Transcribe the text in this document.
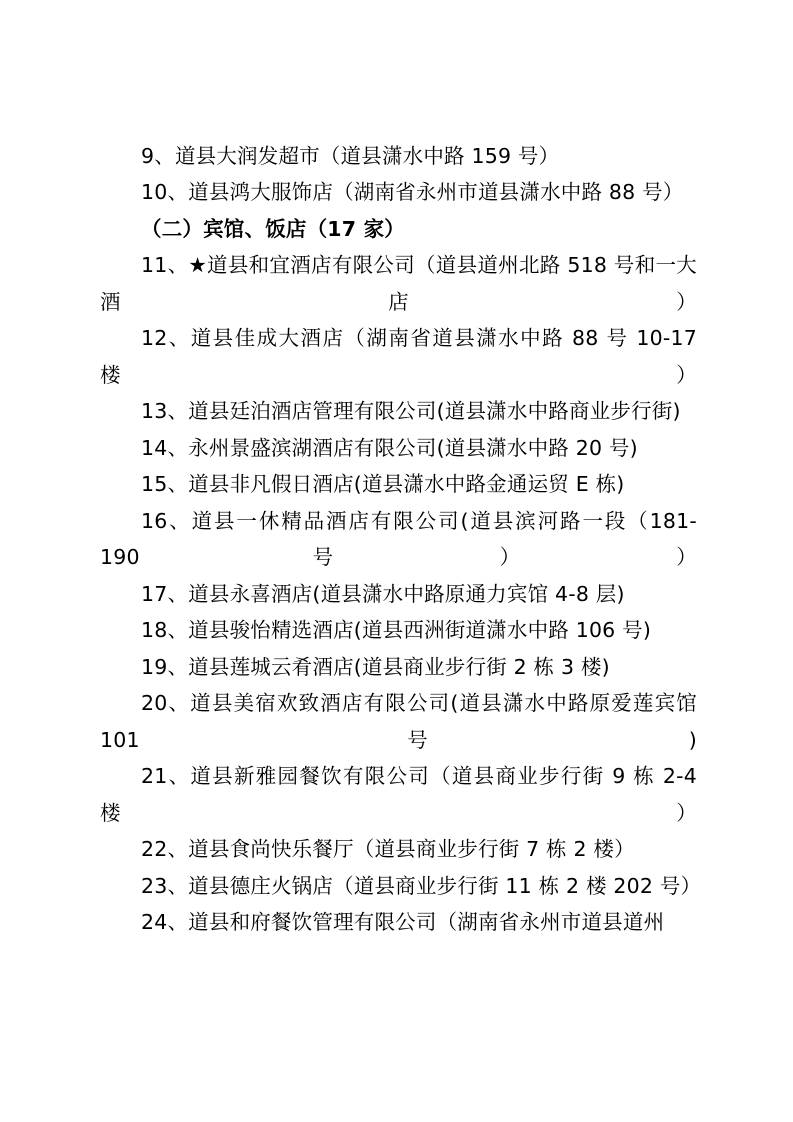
9、道县大润发超市（道县潇水中路 159 号）

10、道县鸿大服饰店（湖南省永州市道县潇水中路 88 号）

（二）宾馆、饭店（17 家）

11、★道县和宜酒店有限公司（道县道州北路 518 号和一大酒店）

12、道县佳成大酒店（湖南省道县潇水中路 88 号 10-17 楼）

13、道县廷泊酒店管理有限公司(道县潇水中路商业步行街)

14、永州景盛滨湖酒店有限公司(道县潇水中路 20 号)

15、道县非凡假日酒店(道县潇水中路金通运贸 E 栋)

16、道县一休精品酒店有限公司(道县滨河路一段（181-190 号））

17、道县永喜酒店(道县潇水中路原通力宾馆 4-8 层)

18、道县骏怡精选酒店(道县西洲街道潇水中路 106 号)

19、道县莲城云肴酒店(道县商业步行街 2 栋 3 楼)

20、道县美宿欢致酒店有限公司(道县潇水中路原爱莲宾馆 101 号)

21、道县新雅园餐饮有限公司（道县商业步行街 9 栋 2-4 楼）

22、道县食尚快乐餐厅（道县商业步行街 7 栋 2 楼）

23、道县德庄火锅店（道县商业步行街 11 栋 2 楼 202 号）

24、道县和府餐饮管理有限公司（湖南省永州市道县道州
